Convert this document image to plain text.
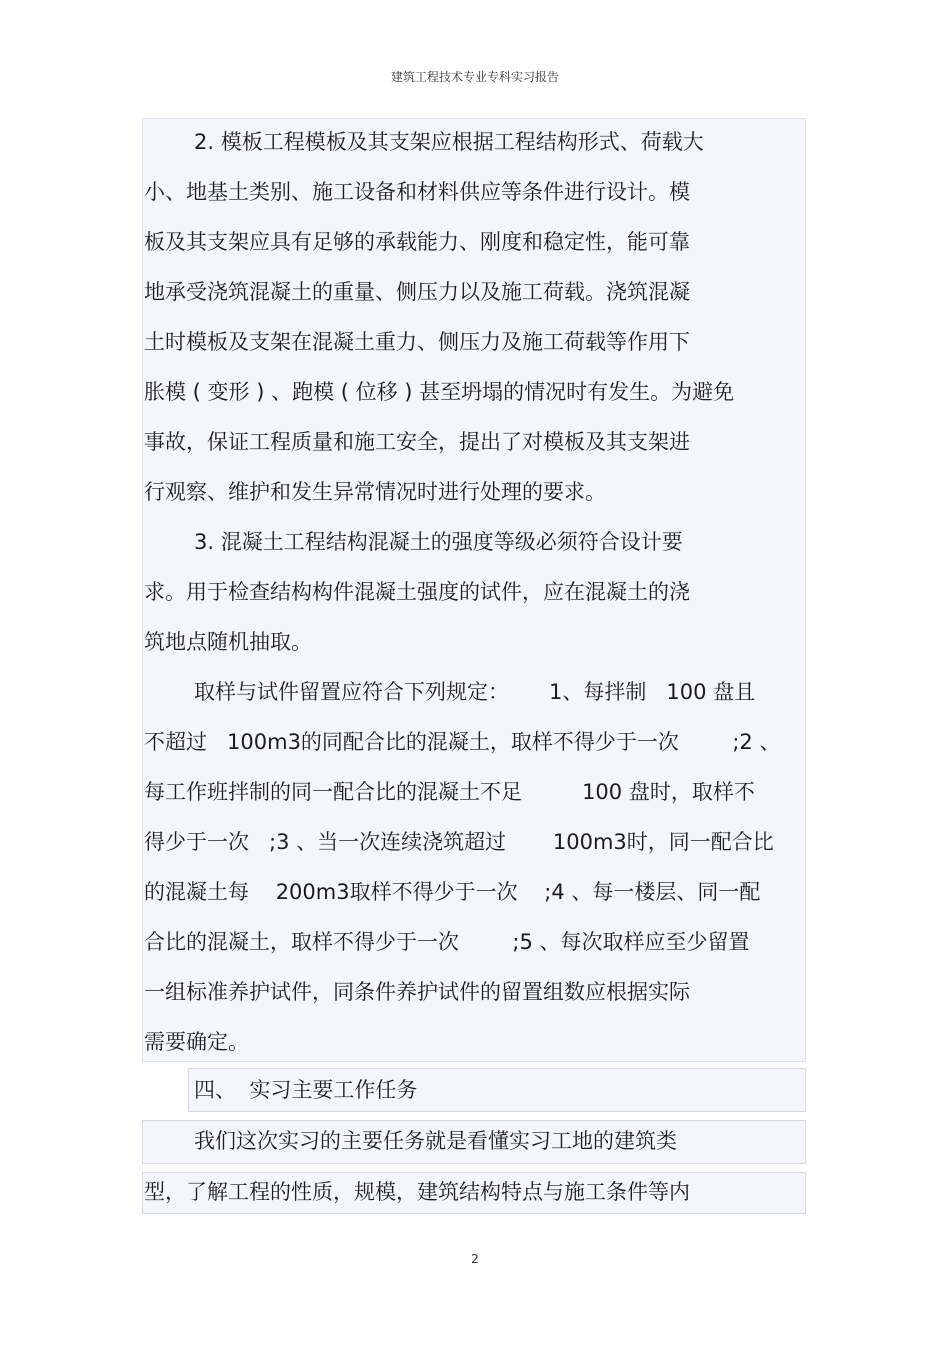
建筑工程技术专业专科实习报告
2. 模板工程模板及其支架应根据工程结构形式、荷载大
小、地基土类别、施工设备和材料供应等条件进行设计。模
板及其支架应具有足够的承载能力、刚度和稳定性，能可靠
地承受浇筑混凝土的重量、侧压力以及施工荷载。浇筑混凝
土时模板及支架在混凝土重力、侧压力及施工荷载等作用下
胀模 ( 变形 ) 、跑模 ( 位移 ) 甚至坍塌的情况时有发生。为避免
事故，保证工程质量和施工安全，提出了对模板及其支架进
行观察、维护和发生异常情况时进行处理的要求。
3. 混凝土工程结构混凝土的强度等级必须符合设计要
求。用于检查结构构件混凝土强度的试件，应在混凝土的浇
筑地点随机抽取。
取样与试件留置应符合下列规定：      1、每拌制   100 盘且
不超过   100m3的同配合比的混凝土，取样不得少于一次        ;2 、
每工作班拌制的同一配合比的混凝土不足         100 盘时，取样不
得少于一次   ;3 、当一次连续浇筑超过       100m3时，同一配合比
的混凝土每    200m3取样不得少于一次    ;4 、每一楼层、同一配
合比的混凝土，取样不得少于一次        ;5 、每次取样应至少留置
一组标准养护试件，同条件养护试件的留置组数应根据实际
需要确定。
四、  实习主要工作任务
我们这次实习的主要任务就是看懂实习工地的建筑类
型，了解工程的性质，规模，建筑结构特点与施工条件等内
2
